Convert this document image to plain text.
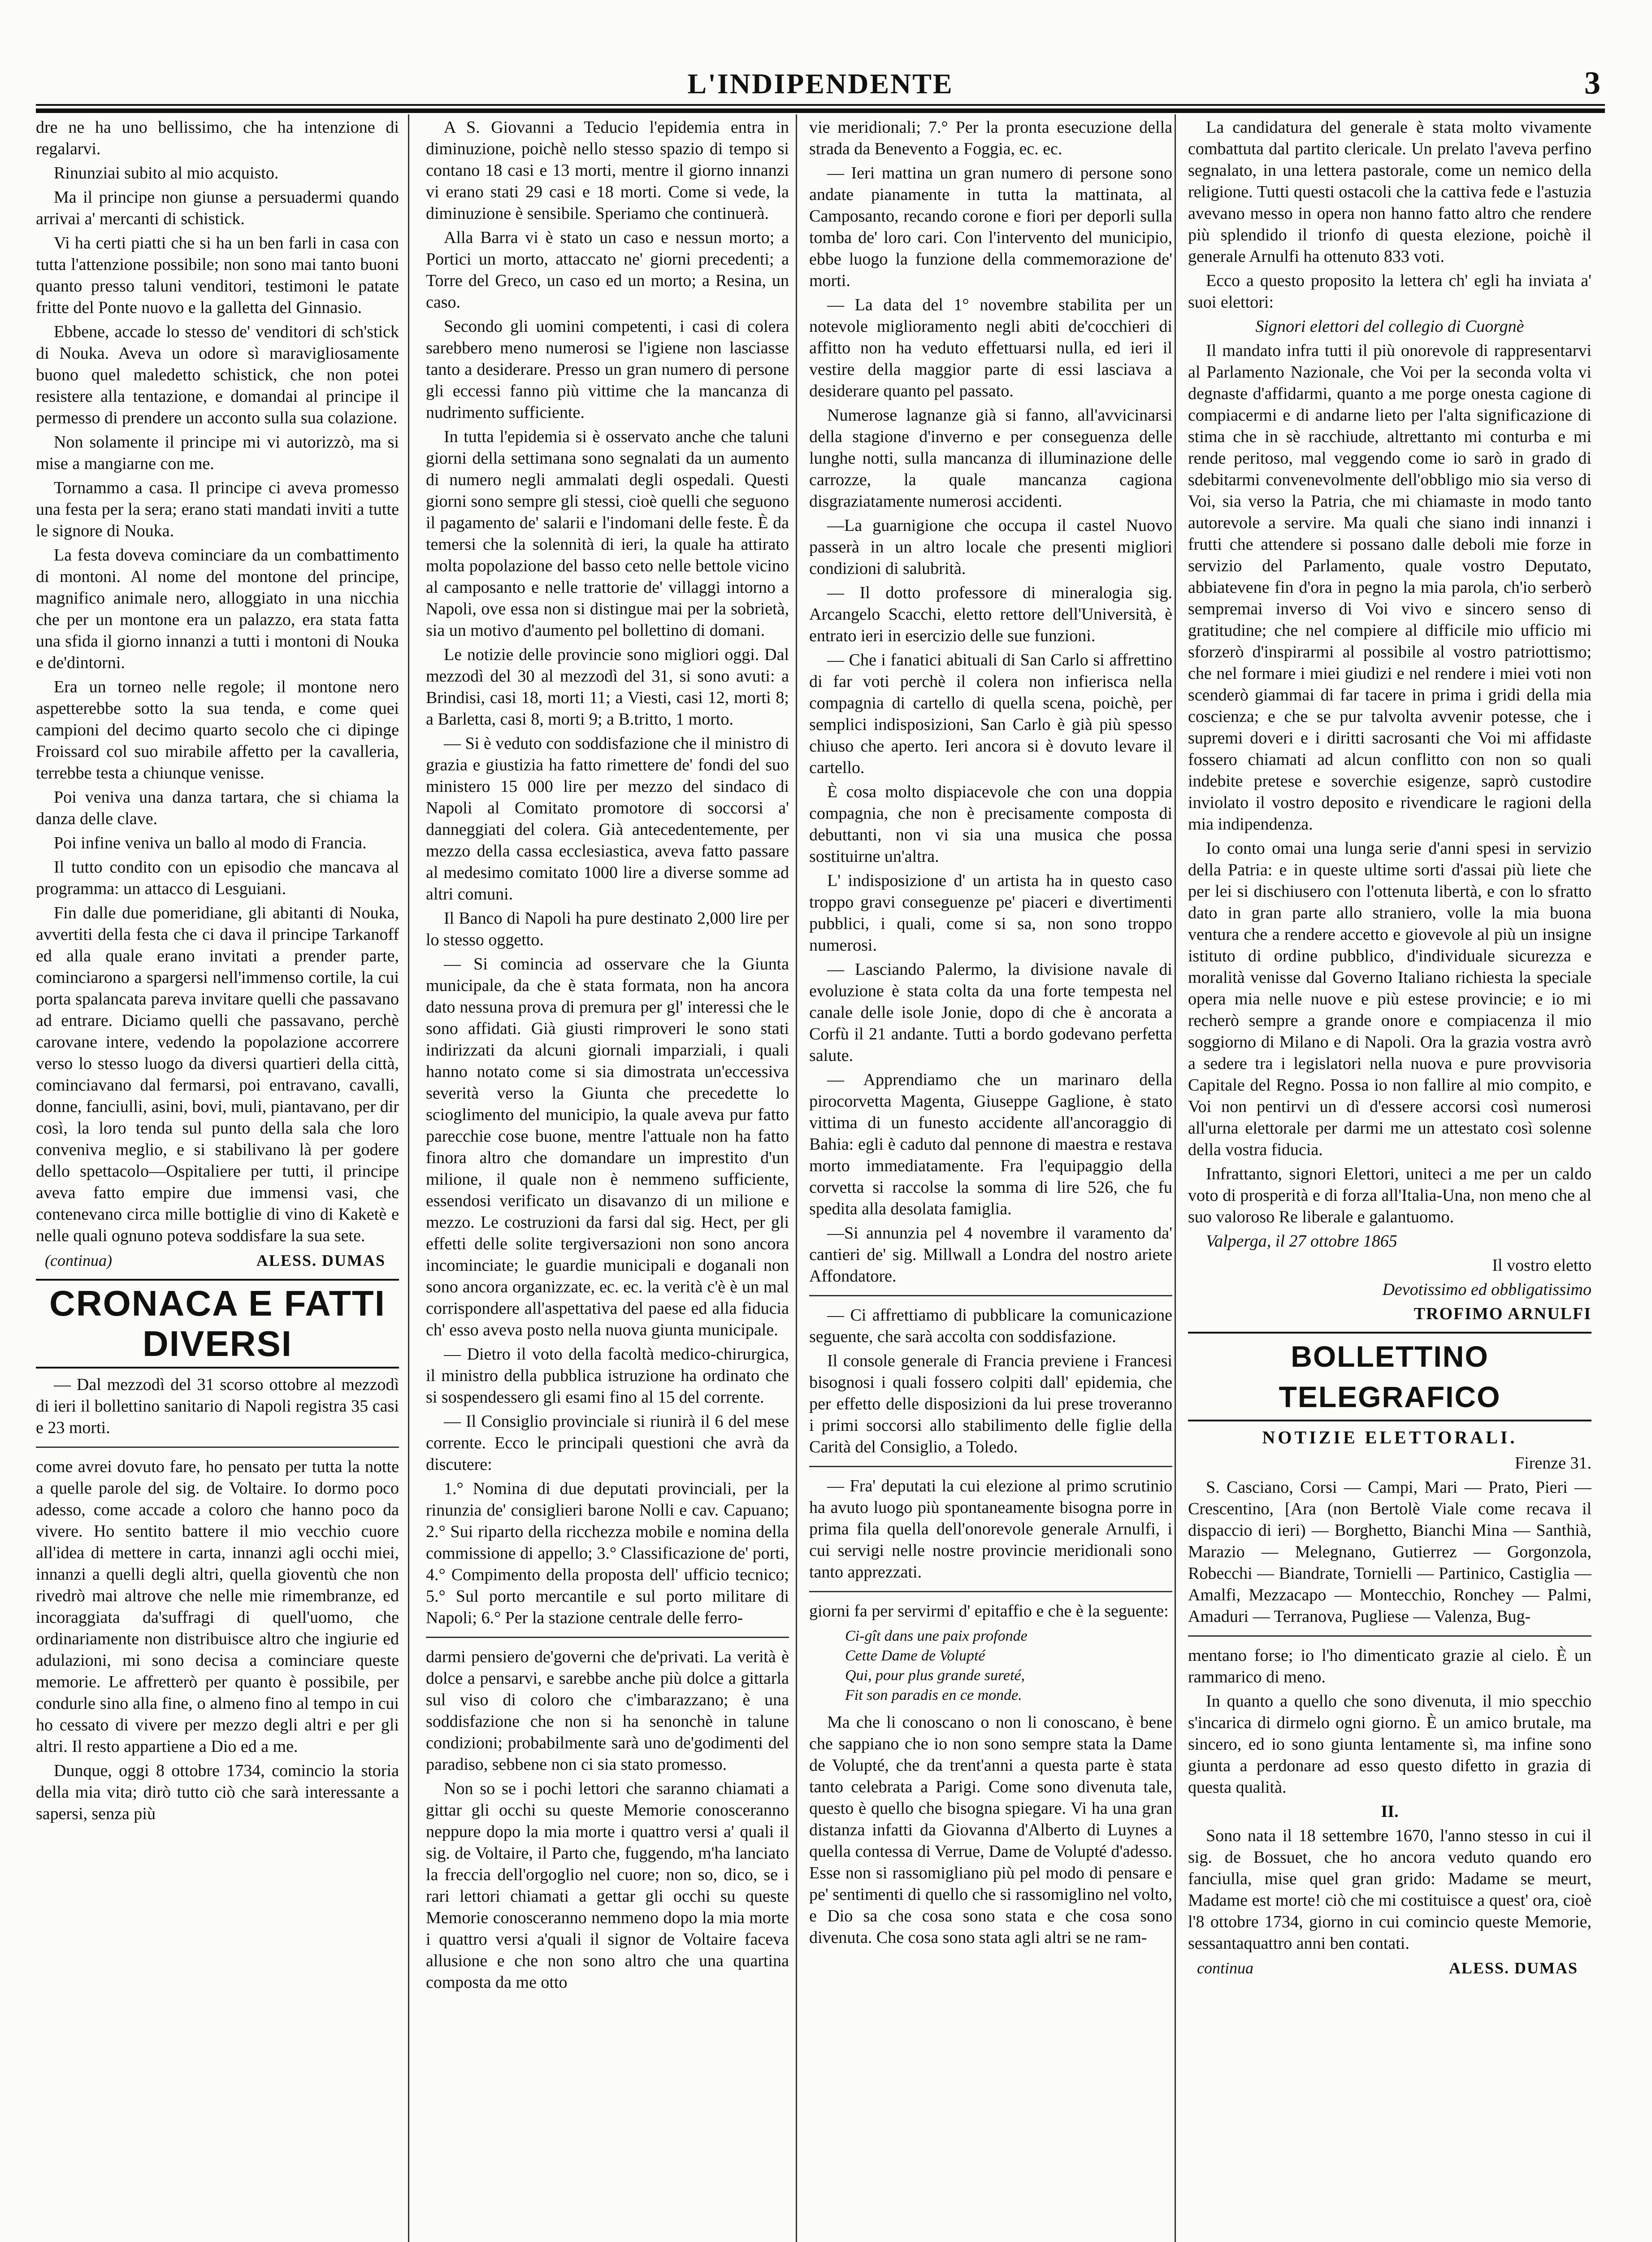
L'INDIPENDENTE	3

dre ne ha uno bellissimo, che ha intenzione di regalarvi.

Rinunziai subito al mio acquisto.

Ma il principe non giunse a persuadermi quando arrivai a' mercanti di schistick.

Vi ha certi piatti che si ha un ben farli in casa con tutta l'attenzione possibile; non sono mai tanto buoni quanto presso taluni venditori, testimoni le patate fritte del Ponte nuovo e la galletta del Ginnasio.

Ebbene, accade lo stesso de' venditori di sch'stick di Nouka. Aveva un odore sì maravigliosamente buono quel maledetto schistick, che non potei resistere alla tentazione, e domandai al principe il permesso di prendere un acconto sulla sua colazione.

Non solamente il principe mi vi autorizzò, ma si mise a mangiarne con me.

Tornammo a casa. Il principe ci aveva promesso una festa per la sera; erano stati mandati inviti a tutte le signore di Nouka.

La festa doveva cominciare da un combattimento di montoni. Al nome del montone del principe, magnifico animale nero, alloggiato in una nicchia che per un montone era un palazzo, era stata fatta una sfida il giorno innanzi a tutti i montoni di Nouka e de'dintorni.

Era un torneo nelle regole; il montone nero aspetterebbe sotto la sua tenda, e come quei campioni del decimo quarto secolo che ci dipinge Froissard col suo mirabile affetto per la cavalleria, terrebbe testa a chiunque venisse.

Poi veniva una danza tartara, che si chiama la danza delle clave.

Poi infine veniva un ballo al modo di Francia.

Il tutto condito con un episodio che mancava al programma: un attacco di Lesguiani.

Fin dalle due pomeridiane, gli abitanti di Nouka, avvertiti della festa che ci dava il principe Tarkanoff ed alla quale erano invitati a prender parte, cominciarono a spargersi nell'immenso cortile, la cui porta spalancata pareva invitare quelli che passavano ad entrare. Diciamo quelli che passavano, perchè carovane intere, vedendo la popolazione accorrere verso lo stesso luogo da diversi quartieri della città, cominciavano dal fermarsi, poi entravano, cavalli, donne, fanciulli, asini, bovi, muli, piantavano, per dir così, la loro tenda sul punto della sala che loro conveniva meglio, e si stabilivano là per godere dello spettacolo—Ospitaliere per tutti, il principe aveva fatto empire due immensi vasi, che contenevano circa mille bottiglie di vino di Kaketè e nelle quali ognuno poteva soddisfare la sua sete.

(continua)	ALESS. DUMAS
CRONACA E FATTI DIVERSI

— Dal mezzodì del 31 scorso ottobre al mezzodì di ieri il bollettino sanitario di Napoli registra 35 casi e 23 morti.

come avrei dovuto fare, ho pensato per tutta la notte a quelle parole del sig. de Voltaire. Io dormo poco adesso, come accade a coloro che hanno poco da vivere. Ho sentito battere il mio vecchio cuore all'idea di mettere in carta, innanzi agli occhi miei, innanzi a quelli degli altri, quella gioventù che non rivedrò mai altrove che nelle mie rimembranze, ed incoraggiata da'suffragi di quell'uomo, che ordinariamente non distribuisce altro che ingiurie ed adulazioni, mi sono decisa a cominciare queste memorie. Le affretterò per quanto è possibile, per condurle sino alla fine, o almeno fino al tempo in cui ho cessato di vivere per mezzo degli altri e per gli altri. Il resto appartiene a Dio ed a me.

Dunque, oggi 8 ottobre 1734, comincio la storia della mia vita; dirò tutto ciò che sarà interessante a sapersi, senza più

A S. Giovanni a Teducio l'epidemia entra in diminuzione, poichè nello stesso spazio di tempo si contano 18 casi e 13 morti, mentre il giorno innanzi vi erano stati 29 casi e 18 morti. Come si vede, la diminuzione è sensibile. Speriamo che continuerà.

Alla Barra vi è stato un caso e nessun morto; a Portici un morto, attaccato ne' giorni precedenti; a Torre del Greco, un caso ed un morto; a Resina, un caso.

Secondo gli uomini competenti, i casi di colera sarebbero meno numerosi se l'igiene non lasciasse tanto a desiderare. Presso un gran numero di persone gli eccessi fanno più vittime che la mancanza di nudrimento sufficiente.

In tutta l'epidemia si è osservato anche che taluni giorni della settimana sono segnalati da un aumento di numero negli ammalati degli ospedali. Questi giorni sono sempre gli stessi, cioè quelli che seguono il pagamento de' salarii e l'indomani delle feste. È da temersi che la solennità di ieri, la quale ha attirato molta popolazione del basso ceto nelle bettole vicino al camposanto e nelle trattorie de' villaggi intorno a Napoli, ove essa non si distingue mai per la sobrietà, sia un motivo d'aumento pel bollettino di domani.

Le notizie delle provincie sono migliori oggi. Dal mezzodì del 30 al mezzodì del 31, si sono avuti: a Brindisi, casi 18, morti 11; a Viesti, casi 12, morti 8; a Barletta, casi 8, morti 9; a B.tritto, 1 morto.

— Si è veduto con soddisfazione che il ministro di grazia e giustizia ha fatto rimettere de' fondi del suo ministero 15 000 lire per mezzo del sindaco di Napoli al Comitato promotore di soccorsi a' danneggiati del colera. Già antecedentemente, per mezzo della cassa ecclesiastica, aveva fatto passare al medesimo comitato 1000 lire a diverse somme ad altri comuni.

Il Banco di Napoli ha pure destinato 2,000 lire per lo stesso oggetto.

— Si comincia ad osservare che la Giunta municipale, da che è stata formata, non ha ancora dato nessuna prova di premura per gl' interessi che le sono affidati. Già giusti rimproveri le sono stati indirizzati da alcuni giornali imparziali, i quali hanno notato come si sia dimostrata un'eccessiva severità verso la Giunta che precedette lo scioglimento del municipio, la quale aveva pur fatto parecchie cose buone, mentre l'attuale non ha fatto finora altro che domandare un imprestito d'un milione, il quale non è nemmeno sufficiente, essendosi verificato un disavanzo di un milione e mezzo. Le costruzioni da farsi dal sig. Hect, per gli effetti delle solite tergiversazioni non sono ancora incominciate; le guardie municipali e doganali non sono ancora organizzate, ec. ec. la verità c'è è un mal corrispondere all'aspettativa del paese ed alla fiducia ch' esso aveva posto nella nuova giunta municipale.

— Dietro il voto della facoltà medico-chirurgica, il ministro della pubblica istruzione ha ordinato che si sospendessero gli esami fino al 15 del corrente.

— Il Consiglio provinciale si riunirà il 6 del mese corrente. Ecco le principali questioni che avrà da discutere:

1.° Nomina di due deputati provinciali, per la rinunzia de' consiglieri barone Nolli e cav. Capuano; 2.° Sui riparto della ricchezza mobile e nomina della commissione di appello; 3.° Classificazione de' porti, 4.° Compimento della proposta dell' ufficio tecnico; 5.° Sul porto mercantile e sul porto militare di Napoli; 6.° Per la stazione centrale delle ferro-

darmi pensiero de'governi che de'privati. La verità è dolce a pensarvi, e sarebbe anche più dolce a gittarla sul viso di coloro che c'imbarazzano; è una soddisfazione che non si ha senonchè in talune condizioni; probabilmente sarà uno de'godimenti del paradiso, sebbene non ci sia stato promesso.

Non so se i pochi lettori che saranno chiamati a gittar gli occhi su queste Memorie conosceranno neppure dopo la mia morte i quattro versi a' quali il sig. de Voltaire, il Parto che, fuggendo, m'ha lanciato la freccia dell'orgoglio nel cuore; non so, dico, se i rari lettori chiamati a gettar gli occhi su queste Memorie conosceranno nemmeno dopo la mia morte i quattro versi a'quali il signor de Voltaire faceva allusione e che non sono altro che una quartina composta da me otto

vie meridionali; 7.° Per la pronta esecuzione della strada da Benevento a Foggia, ec. ec.

— Ieri mattina un gran numero di persone sono andate pianamente in tutta la mattinata, al Camposanto, recando corone e fiori per deporli sulla tomba de' loro cari. Con l'intervento del municipio, ebbe luogo la funzione della commemorazione de' morti.

— La data del 1° novembre stabilita per un notevole miglioramento negli abiti de'cocchieri di affitto non ha veduto effettuarsi nulla, ed ieri il vestire della maggior parte di essi lasciava a desiderare quanto pel passato.

Numerose lagnanze già si fanno, all'avvicinarsi della stagione d'inverno e per conseguenza delle lunghe notti, sulla mancanza di illuminazione delle carrozze, la quale mancanza cagiona disgraziatamente numerosi accidenti.

—La guarnigione che occupa il castel Nuovo passerà in un altro locale che presenti migliori condizioni di salubrità.

— Il dotto professore di mineralogia sig. Arcangelo Scacchi, eletto rettore dell'Università, è entrato ieri in esercizio delle sue funzioni.

— Che i fanatici abituali di San Carlo si affrettino di far voti perchè il colera non infierisca nella compagnia di cartello di quella scena, poichè, per semplici indisposizioni, San Carlo è già più spesso chiuso che aperto. Ieri ancora si è dovuto levare il cartello.

È cosa molto dispiacevole che con una doppia compagnia, che non è precisamente composta di debuttanti, non vi sia una musica che possa sostituirne un'altra.

L' indisposizione d' un artista ha in questo caso troppo gravi conseguenze pe' piaceri e divertimenti pubblici, i quali, come si sa, non sono troppo numerosi.

— Lasciando Palermo, la divisione navale di evoluzione è stata colta da una forte tempesta nel canale delle isole Jonie, dopo di che è ancorata a Corfù il 21 andante. Tutti a bordo godevano perfetta salute.

— Apprendiamo che un marinaro della pirocorvetta Magenta, Giuseppe Gaglione, è stato vittima di un funesto accidente all'ancoraggio di Bahia: egli è caduto dal pennone di maestra e restava morto immediatamente. Fra l'equipaggio della corvetta si raccolse la somma di lire 526, che fu spedita alla desolata famiglia.

—Si annunzia pel 4 novembre il varamento da' cantieri de' sig. Millwall a Londra del nostro ariete Affondatore.

— Ci affrettiamo di pubblicare la comunicazione seguente, che sarà accolta con soddisfazione.

Il console generale di Francia previene i Francesi bisognosi i quali fossero colpiti dall' epidemia, che per effetto delle disposizioni da lui prese troveranno i primi soccorsi allo stabilimento delle figlie della Carità del Consiglio, a Toledo.

— Fra' deputati la cui elezione al primo scrutinio ha avuto luogo più spontaneamente bisogna porre in prima fila quella dell'onorevole generale Arnulfi, i cui servigi nelle nostre provincie meridionali sono tanto apprezzati.

giorni fa per servirmi d' epitaffio e che è la seguente:

Ci-gît dans une paix profonde
Cette Dame de Volupté
Qui, pour plus grande sureté,
Fit son paradis en ce monde.

Ma che li conoscano o non li conoscano, è bene che sappiano che io non sono sempre stata la Dame de Volupté, che da trent'anni a questa parte è stata tanto celebrata a Parigi. Come sono divenuta tale, questo è quello che bisogna spiegare. Vi ha una gran distanza infatti da Giovanna d'Alberto di Luynes a quella contessa di Verrue, Dame de Volupté d'adesso. Esse non si rassomigliano più pel modo di pensare e pe' sentimenti di quello che si rassomiglino nel volto, e Dio sa che cosa sono stata e che cosa sono divenuta. Che cosa sono stata agli altri se ne ram-

La candidatura del generale è stata molto vivamente combattuta dal partito clericale. Un prelato l'aveva perfino segnalato, in una lettera pastorale, come un nemico della religione. Tutti questi ostacoli che la cattiva fede e l'astuzia avevano messo in opera non hanno fatto altro che rendere più splendido il trionfo di questa elezione, poichè il generale Arnulfi ha ottenuto 833 voti.

Ecco a questo proposito la lettera ch' egli ha inviata a' suoi elettori:

Signori elettori del collegio di Cuorgnè

Il mandato infra tutti il più onorevole di rappresentarvi al Parlamento Nazionale, che Voi per la seconda volta vi degnaste d'affidarmi, quanto a me porge onesta cagione di compiacermi e di andarne lieto per l'alta significazione di stima che in sè racchiude, altrettanto mi conturba e mi rende peritoso, mal veggendo come io sarò in grado di sdebitarmi convenevolmente dell'obbligo mio sia verso di Voi, sia verso la Patria, che mi chiamaste in modo tanto autorevole a servire. Ma quali che siano indi innanzi i frutti che attendere si possano dalle deboli mie forze in servizio del Parlamento, quale vostro Deputato, abbiatevene fin d'ora in pegno la mia parola, ch'io serberò sempremai inverso di Voi vivo e sincero senso di gratitudine; che nel compiere al difficile mio ufficio mi sforzerò d'inspirarmi al possibile al vostro patriottismo; che nel formare i miei giudizi e nel rendere i miei voti non scenderò giammai di far tacere in prima i gridi della mia coscienza; e che se pur talvolta avvenir potesse, che i supremi doveri e i diritti sacrosanti che Voi mi affidaste fossero chiamati ad alcun conflitto con non so quali indebite pretese e soverchie esigenze, saprò custodire inviolato il vostro deposito e rivendicare le ragioni della mia indipendenza.

Io conto omai una lunga serie d'anni spesi in servizio della Patria: e in queste ultime sorti d'assai più liete che per lei si dischiusero con l'ottenuta libertà, e con lo sfratto dato in gran parte allo straniero, volle la mia buona ventura che a rendere accetto e giovevole al più un insigne istituto di ordine pubblico, d'individuale sicurezza e moralità venisse dal Governo Italiano richiesta la speciale opera mia nelle nuove e più estese provincie; e io mi recherò sempre a grande onore e compiacenza il mio soggiorno di Milano e di Napoli. Ora la grazia vostra avrò a sedere tra i legislatori nella nuova e pure provvisoria Capitale del Regno. Possa io non fallire al mio compito, e Voi non pentirvi un dì d'essere accorsi così numerosi all'urna elettorale per darmi me un attestato così solenne della vostra fiducia.

Infrattanto, signori Elettori, uniteci a me per un caldo voto di prosperità e di forza all'Italia-Una, non meno che al suo valoroso Re liberale e galantuomo.

Valperga, il 27 ottobre 1865

Il vostro eletto

Devotissimo ed obbligatissimo

TROFIMO ARNULFI

BOLLETTINO TELEGRAFICO
NOTIZIE ELETTORALI.

Firenze 31.

S. Casciano, Corsi — Campi, Mari — Prato, Pieri — Crescentino, [Ara (non Bertolè Viale come recava il dispaccio di ieri) — Borghetto, Bianchi Mina — Santhià, Marazio — Melegnano, Gutierrez — Gorgonzola, Robecchi — Biandrate, Tornielli — Partinico, Castiglia — Amalfi, Mezzacapo — Montecchio, Ronchey — Palmi, Amaduri — Terranova, Pugliese — Valenza, Bug-

mentano forse; io l'ho dimenticato grazie al cielo. È un rammarico di meno.

In quanto a quello che sono divenuta, il mio specchio s'incarica di dirmelo ogni giorno. È un amico brutale, ma sincero, ed io sono giunta lentamente sì, ma infine sono giunta a perdonare ad esso questo difetto in grazia di questa qualità.

II.

Sono nata il 18 settembre 1670, l'anno stesso in cui il sig. de Bossuet, che ho ancora veduto quando ero fanciulla, mise quel gran grido: Madame se meurt, Madame est morte! ciò che mi costituisce a quest' ora, cioè l'8 ottobre 1734, giorno in cui comincio queste Memorie, sessantaquattro anni ben contati.

continua	ALESS. DUMAS
